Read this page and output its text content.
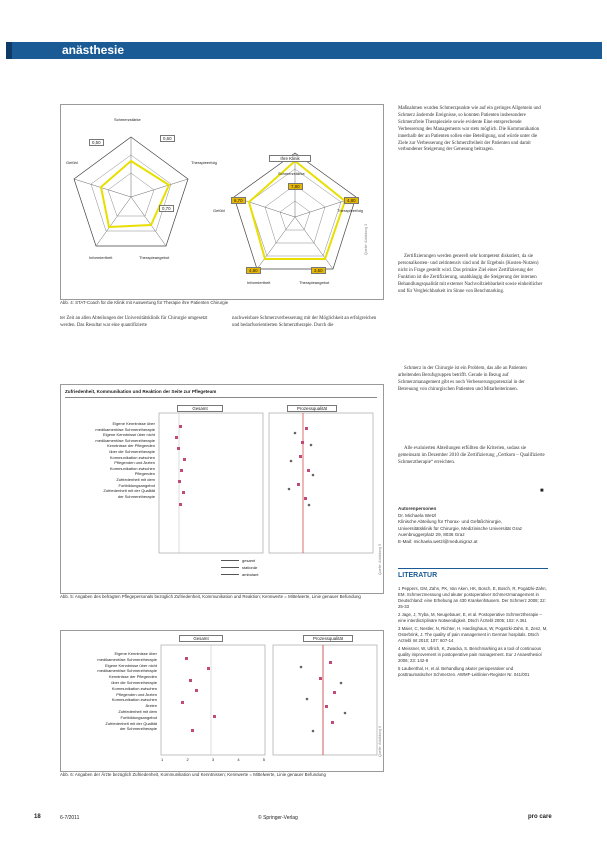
anästhesie
Schmerzstärke
Gefühl	Therapieerfolg
Informiertheit	Therapieangebot
0,50
0,60
0,70
Ihre Klinik
Schmerzstärke
Gefühl	Therapieerfolg
Informiertheit	Therapieangebot
7,80
6,70	4,80
4,80	3,50
Quelle: Abbildung 3
Abb. 4: STAT-Coach für die Klinik mit Auswertung für Therapie ihre Patienten Chirurgie
ter Zeit an allen Abteilungen der Universitätsklinik für Chirurgie umgesetzt werden. Das Resultat war eine quantifizierte
nachweisbare Schmerzverbesserung mit der Möglichkeit an erfolgreichen und bedarfsorientierten Schmerztherapie. Durch die
Maßnahmen wurden Schmerzpunkte wie auf ein geringes Allgemein und Schmerz ändernde Ereignisse, so konnten Patienten insbesondere Schmerzfreie Therapieziele sowie evidente Eine entsprechende Verbesserung des Managements war stets möglich. Die Kommunikation innerhalb der an Patienten sollen eine Beteiligung, und würde unter die Ziele zur Verbesserung der Schmerzfreiheit der Patienten und damit verbundener Steigerung der Genesung beitragen.
Zertifizierungen werden generell sehr kompetent diskutiert, da sie personalkosten- und zeitintensiv sind und ihr Ergebnis (Kosten-Nutzen) nicht in Frage gestellt wird. Das primäre Ziel einer Zertifizierung der Funktion ist die Zertifizierung, unabhängig die Steigerung der internen Behandlungsqualität mit externer Nachvollziehbarkeit sowie einheitlicher und für Vergleichbarkeit im Sinne von Benchmarking.
Schmerz in der Chirurgie ist ein Problem, das alle an Patienten arbeitenden Berufsgruppen betrifft. Gerade in Bezug auf Schmerzmanagement gibt es noch Verbesserungspotenzial in der Betreuung von chirurgischen Patienten und Mitarbeiterinnen.
Alle evaluierten Abteilungen erfüllten die Kriterien, sodass sie gemeinsam im Dezember 2010 die Zertifizierung „Certkom – Qualifizierte Schmerztherapie“ erreichten.
■
Zufriedenheit, Kommunikation und Reaktion der Seite zur Pflegeteam
Gesamt	Prozessqualität
Eigene Kenntnisse über
medikamentöse Schmerztherapie
Eigene Kenntnisse über nicht
medikamentöse Schmerztherapie
Kenntnisse der Pflegenden
über die Schmerztherapie
Kommunikation zwischen
Pflegenden und Ärzten
Kommunikation zwischen
Pflegenden
Zufriedenheit mit dem
Fortbildungsangebot
Zufriedenheit mit der Qualität
der Schmerztherapie
gesamt
stationär
ambulant	Quelle: Abbildung 5
Abb. 5: Angaben des befragten Pflegepersonals bezüglich Zufriedenheit, Kommunikation und Reaktion; Kennwerte = Mittelwerte, Linie genauer Befundung
Gesamt	Prozessqualität
Eigene Kenntnisse über
medikamentöse Schmerztherapie
Eigene Kenntnisse über nicht
medikamentöse Schmerztherapie
Kenntnisse der Pflegenden
über die Schmerztherapie
Kommunikation zwischen
Pflegenden und Ärzten
Kommunikation zwischen
Ärzten
Zufriedenheit mit dem
Fortbildungsangebot
Zufriedenheit mit der Qualität
der Schmerztherapie
1	2	3	4	5
Quelle: Abbildung 6
Abb. 6: Angaben der Ärzte bezüglich Zufriedenheit, Kommunikation und Kenntnissen; Kennwerte = Mittelwerte, Linie genauer Befundung
Autorenpersonen
Dr. Michaela Wetzl
Klinische Abteilung für Thorax- und Gefäßchirurgie,
Universitätsklinik für Chirurgie, Medizinische Universität Graz
Auenbruggerplatz 29, 8036 Graz
E-Mail: michaela.wetzl@medunigraz.at
LITERATUR
1 Peppers, GM, Zahn, PK, Van Aken, HK, Bosch, E, Bosch, R, Pogatzki-Zahn, EM. Schmerzmessung und akuter postoperativer Schmerzmanagement in Deutschland: eine Erhebung an 430 Krankenhäusern. Der Schmerz 2008; 22: 25-33
2 Jage, J, Tryba, M, Neugebauer, E, et al. Postoperative Schmerztherapie – eine interdisziplinäre Notwendigkeit. Dtsch Ärztebl 2005; 102: A 361
3 Maier, C, Nestler, N, Richter, H, Hardinghaus, W, Pogatzki-Zahn, E, Zenz, M, Osterbrink, J. The quality of pain management in German hospitals. Dtsch Arztebl Int 2010; 107: 607-14
4 Meissner, W, Ullrich, K, Zwacka, S. Benchmarking as a tool of continuous quality improvement in postoperative pain management. Eur J Anaesthesiol 2006; 23: 142-8
5 Laubenthal, H, et al. Behandlung akuter perioperativer und posttraumatischer Schmerzen. AWMF-Leitlinien-Register Nr. 041/001
18	6-7/2011	© Springer-Verlag	pro care
